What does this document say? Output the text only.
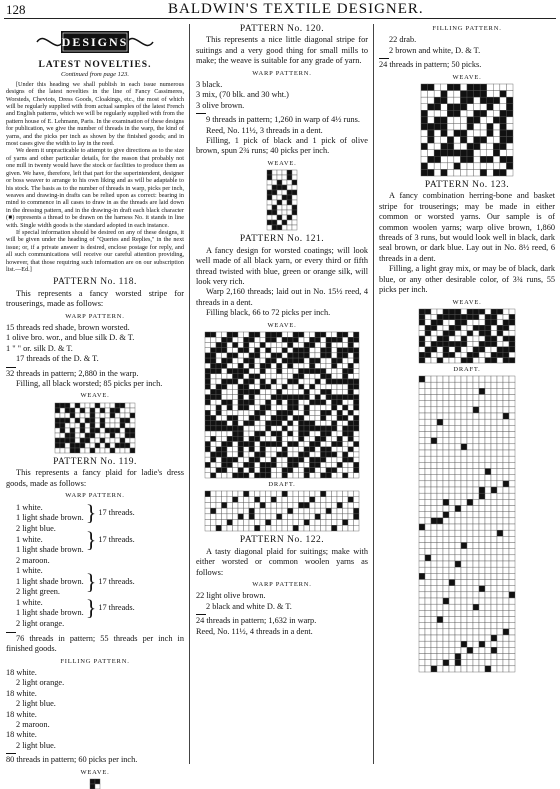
128	BALDWIN'S TEXTILE DESIGNER.
DESIGNS
LATEST NOVELTIES.
Continued from page 123.

[Under this heading we shall publish in each issue numerous designs of the latest novelties in the line of Fancy Cassimeres, Worsteds, Cheviots, Dress Goods, Cloakings, etc., the most of which will be regularly supplied with from actual samples of the latest French and English patterns, which we will be regularly supplied with from the pattern house of E. Lehmann, Paris. In the examination of these designs for publication, we give the number of threads in the warp, the kind of yarns, and the picks per inch as shown by the finished goods; and in most cases give the width to lay in the reed.

We deem it unpracticable to attempt to give directions as to the size of yarns and other particular details, for the reason that probably not one mill in twenty would have the stock or facilities to produce them as given. We have, therefore, left that part for the superintendent, designer or boss weaver to arrange to his own liking and as will be adaptable to his stock. The basis as to the number of threads in warp, picks per inch, weaves and drawing-in drafts can be relied upon as correct: bearing in mind to commence in all cases to draw in as the threads are laid down in the dressing pattern, and in the drawing-in draft each black character (■) represents a thread to be drawn on the harness No. it stands in line with. Single width goods is the standard adopted in each instance.

If special information should be desired on any of these designs, it will be given under the heading of "Queries and Replies," in the next issue; or, if a private answer is desired, enclose postage for reply, and all such communications will receive our careful attention providing, however, that those requiring such information are on our subscription list.—Ed.]

PATTERN No. 118.

This represents a fancy worsted stripe for trouserings, made as follows:

WARP PATTERN.
15 threads red shade, brown worsted.
1 olive bro. wor., and blue silk D. & T.
1 " " or. silk D. & T.
17 threads of the D. & T.
32 threads in pattern; 2,880 in the warp.

Filling, all black worsted; 85 picks per inch.

WEAVE.
PATTERN No. 119.

This represents a fancy plaid for ladie's dress goods, made as follows:

WARP PATTERN.
1 white.
1 light shade brown. } 17 threads.
2 light blue.
1 white.
1 light shade brown. } 17 threads.
2 maroon.
1 white.
1 light shade brown.
2 light green.	} 17 threads.
1 white.
1 light shade brown. } 17 threads.
2 light orange.

76 threads in pattern; 55 threads per inch in finished goods.

FILLING PATTERN.
18 white.
2 light orange.
18 white.
2 light blue.
18 white.
2 maroon.
18 white.
2 light blue.
80 threads in pattern; 60 picks per inch.
WEAVE.
PATTERN No. 120.

This represents a nice little diagonal stripe for suitings and a very good thing for small mills to make; the weave is suitable for any grade of yarn.

WARP PATTERN.
3 black.
3 mix, (70 blk. and 30 wht.)
3 olive brown.

9 threads in pattern; 1,260 in warp of 4½ runs.

Reed, No. 11½, 3 threads in a dent.

Filling, 1 pick of black and 1 pick of olive brown, spun 2¾ runs; 40 picks per inch.

WEAVE.
PATTERN No. 121.

A fancy design for worsted coatings; will look well made of all black yarn, or every third or fifth thread twisted with blue, green or orange silk, will look very rich.

Warp 2,160 threads; laid out in No. 15½ reed, 4 threads in a dent.

Filling black, 66 to 72 picks per inch.

WEAVE.
DRAFT.
PATTERN No. 122.

A tasty diagonal plaid for suitings; make with either worsted or common woolen yarns as follows:

WARP PATTERN.
22 light olive brown.
2 black and white D. & T.
24 threads in pattern; 1,632 in warp.
Reed, No. 11½, 4 threads in a dent.
FILLING PATTERN.
22 drab.
2 brown and white, D. & T.
24 threads in pattern; 50 picks.
WEAVE.
PATTERN No. 123.

A fancy combination herring-bone and basket stripe for trouserings; may be made in either common or worsted yarns. Our sample is of common woolen yarns; warp olive brown, 1,860 threads of 3 runs, but would look well in black, dark seal brown, or dark blue. Lay out in No. 8½ reed, 6 threads in a dent.

Filling, a light gray mix, or may be of black, dark blue, or any other desirable color, of 3¾ runs, 55 picks per inch.

WEAVE.
DRAFT.
